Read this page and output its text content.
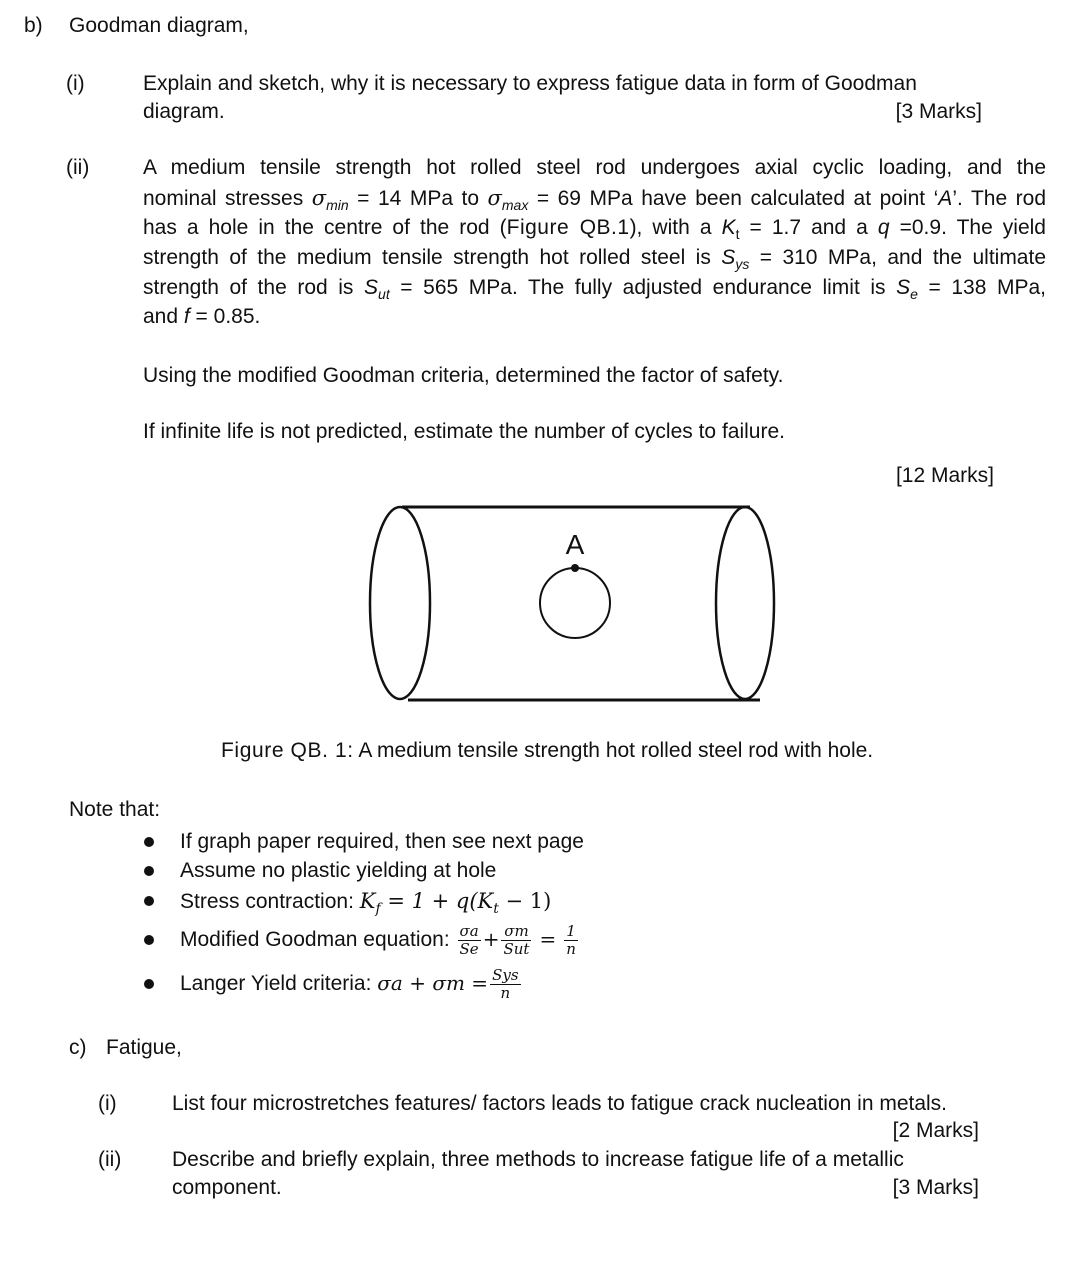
b) Goodman diagram,
(i)	Explain and sketch, why it is necessary to express fatigue data in form of Goodman
diagram.	[3 Marks]
(ii)	A medium tensile strength hot rolled steel rod undergoes axial cyclic loading, and the
nominal stresses $\sigma_{min} = 14$ MPa to $\sigma_{max} = 69$ MPa have been calculated at point ‘A’. The rod
has a hole in the centre of the rod (Figure QB.1), with a $K_t = 1.7$ and a q =0.9. The yield
strength of the medium tensile strength hot rolled steel is $S_{ys} = 310$ MPa, and the ultimate
strength of the rod is $S_{ut} = 565$ MPa. The fully adjusted endurance limit is $S_e = 138$ MPa,
and f = 0.85.
Using the modified Goodman criteria, determined the factor of safety.
If infinite life is not predicted, estimate the number of cycles to failure.
[12 Marks]
A
Figure QB. 1: A medium tensile strength hot rolled steel rod with hole.
Note that:
If graph paper required, then see next page
Assume no plastic yielding at hole
Stress contraction: $K_f = 1 + q(K_t - 1)$
Modified Goodman equation: $\frac{\sigma a}{Se} + \frac{\sigma m}{\text{Sut}} = \frac{1}{n}$
Langer Yield criteria: $\sigma a + \sigma m = \frac{\text{Sys}}{n}$
c) Fatigue,
(i)	List four microstretches features/ factors leads to fatigue crack nucleation in metals.
[2 Marks]
(ii) Describe and briefly explain, three methods to increase fatigue life of a metallic
component.	[3 Marks]
